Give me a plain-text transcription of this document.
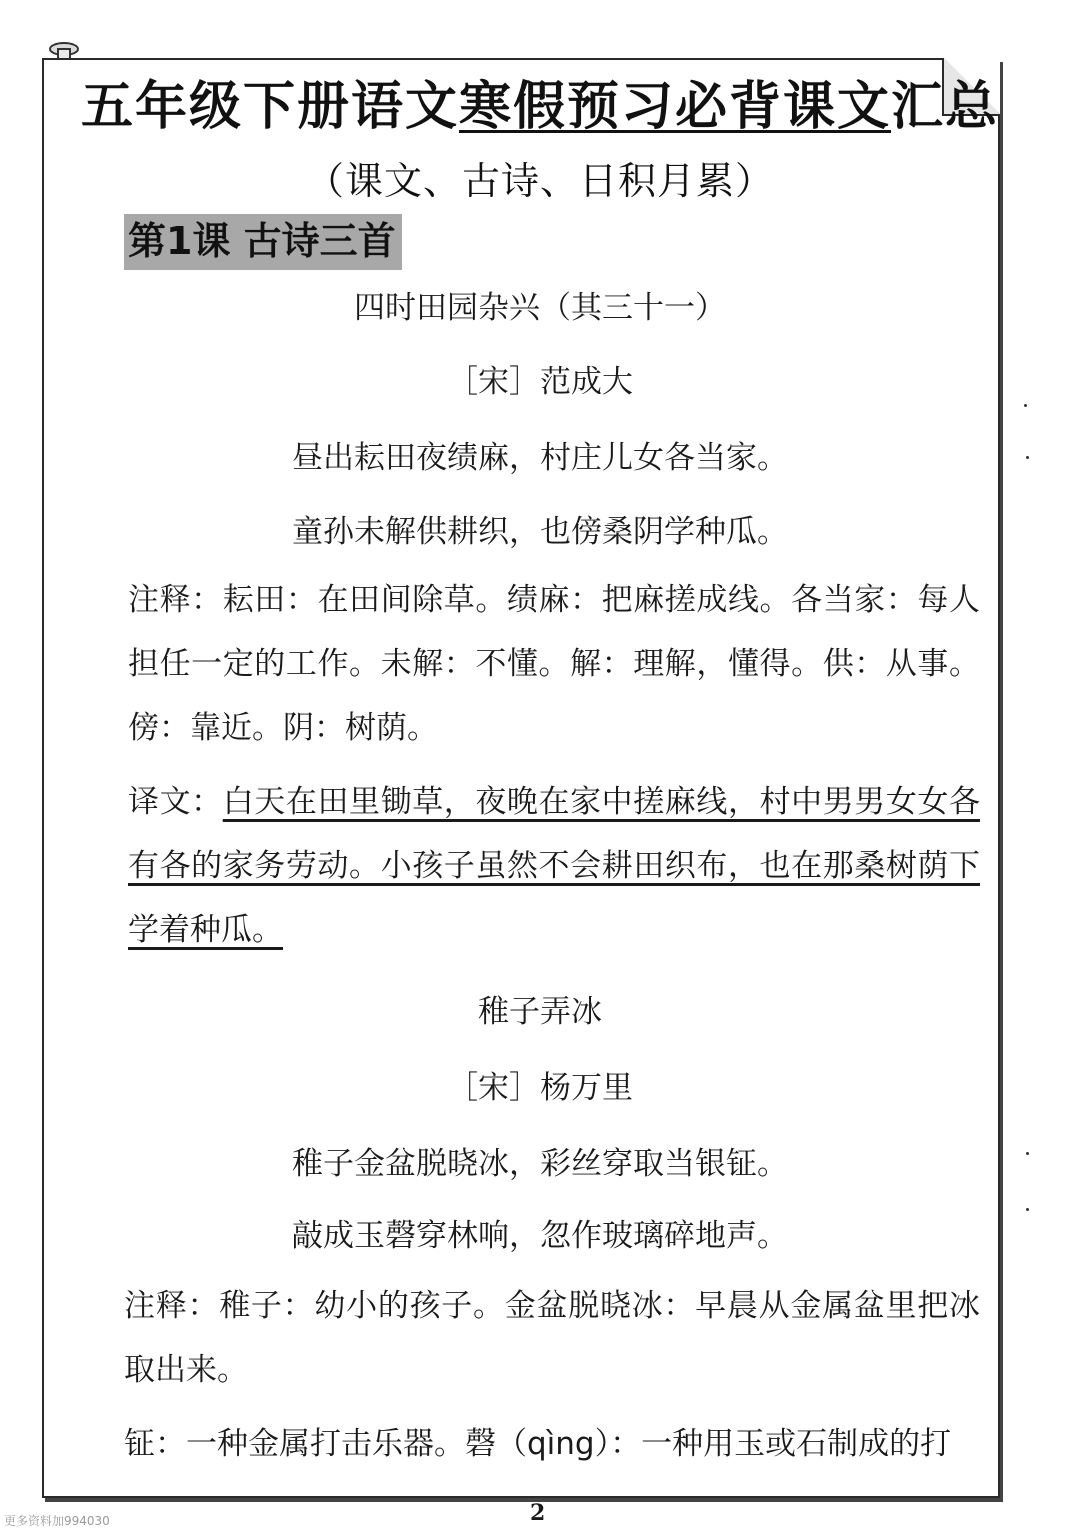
五年级下册语文寒假预习必背课文汇总
（课文、古诗、日积月累）
第1课 古诗三首
四时田园杂兴（其三十一）
［宋］范成大
昼出耘田夜绩麻，村庄儿女各当家。
童孙未解供耕织，也傍桑阴学种瓜。
注释：耘田：在田间除草。绩麻：把麻搓成线。各当家：每人担任一定的工作。未解：不懂。解：理解，懂得。供：从事。傍：靠近。阴：树荫。
译文：白天在田里锄草，夜晚在家中搓麻线，村中男男女女各有各的家务劳动。小孩子虽然不会耕田织布，也在那桑树荫下学着种瓜。
稚子弄冰
［宋］杨万里
稚子金盆脱晓冰，彩丝穿取当银钲。
敲成玉磬穿林响，忽作玻璃碎地声。
注释：稚子：幼小的孩子。金盆脱晓冰：早晨从金属盆里把冰取出来。
钲：一种金属打击乐器。磬（qìng）：一种用玉或石制成的打
2
更多资料加994030
